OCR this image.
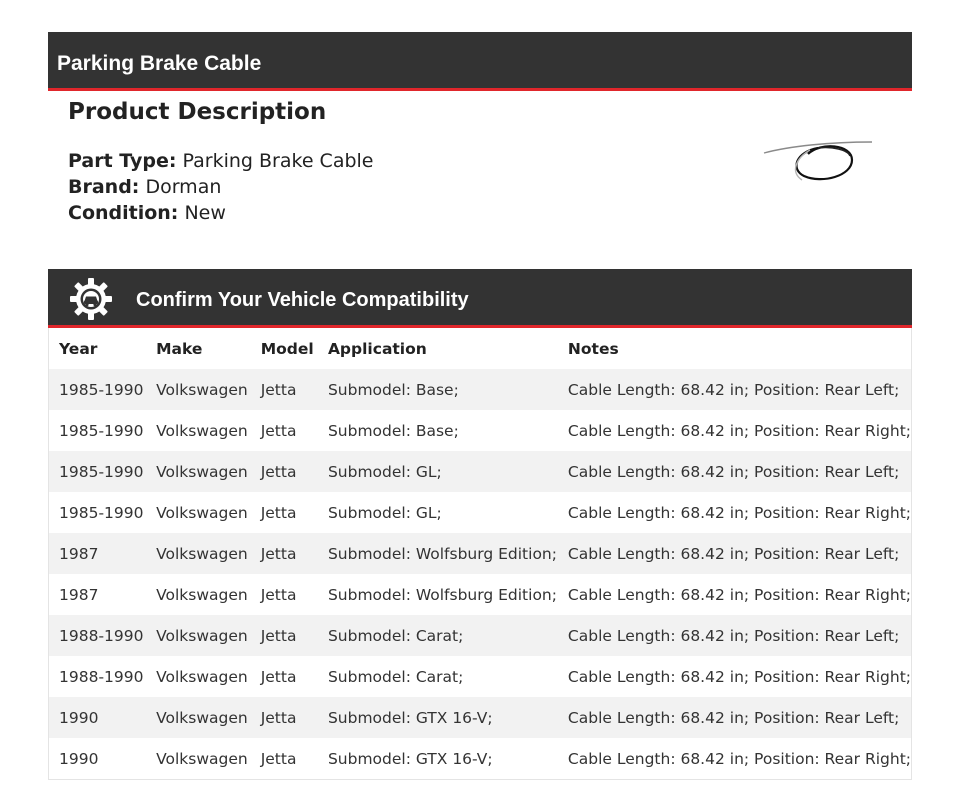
Parking Brake Cable
Product Description
Part Type: Parking Brake Cable
Brand: Dorman
Condition: New
Confirm Your Vehicle Compatibility
Year	Make	Model	Application	Notes
1985-1990	Volkswagen	Jetta	Submodel: Base;	Cable Length: 68.42 in; Position: Rear Left;
1985-1990	Volkswagen	Jetta	Submodel: Base;	Cable Length: 68.42 in; Position: Rear Right;
1985-1990	Volkswagen	Jetta	Submodel: GL;	Cable Length: 68.42 in; Position: Rear Left;
1985-1990	Volkswagen	Jetta	Submodel: GL;	Cable Length: 68.42 in; Position: Rear Right;
1987	Volkswagen	Jetta	Submodel: Wolfsburg Edition;	Cable Length: 68.42 in; Position: Rear Left;
1987	Volkswagen	Jetta	Submodel: Wolfsburg Edition;	Cable Length: 68.42 in; Position: Rear Right;
1988-1990	Volkswagen	Jetta	Submodel: Carat;	Cable Length: 68.42 in; Position: Rear Left;
1988-1990	Volkswagen	Jetta	Submodel: Carat;	Cable Length: 68.42 in; Position: Rear Right;
1990	Volkswagen	Jetta	Submodel: GTX 16-V;	Cable Length: 68.42 in; Position: Rear Left;
1990	Volkswagen	Jetta	Submodel: GTX 16-V;	Cable Length: 68.42 in; Position: Rear Right;
